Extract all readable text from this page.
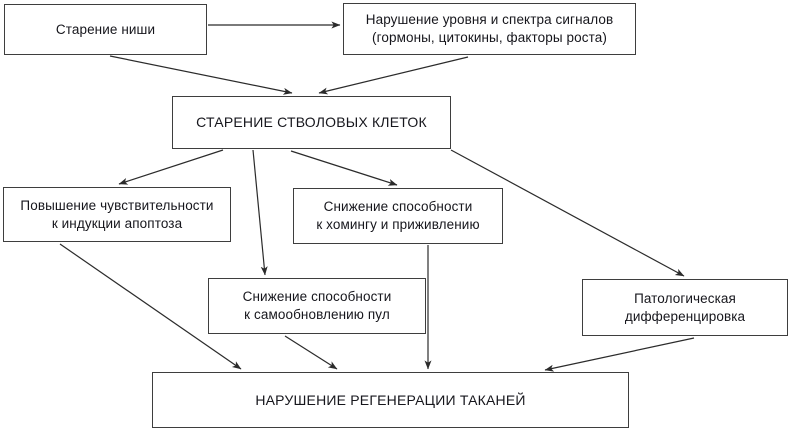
Старение ниши
Нарушение уровня и спектра сигналов
(гормоны, цитокины, факторы роста)
СТАРЕНИЕ СТВОЛОВЫХ КЛЕТОК
Повышение чувствительности
к индукции апоптоза
Снижение способности
к хомингу и приживлению
Снижение способности
к самообновлению пул
Патологическая
дифференцировка
НАРУШЕНИЕ РЕГЕНЕРАЦИИ ТАКАНЕЙ
